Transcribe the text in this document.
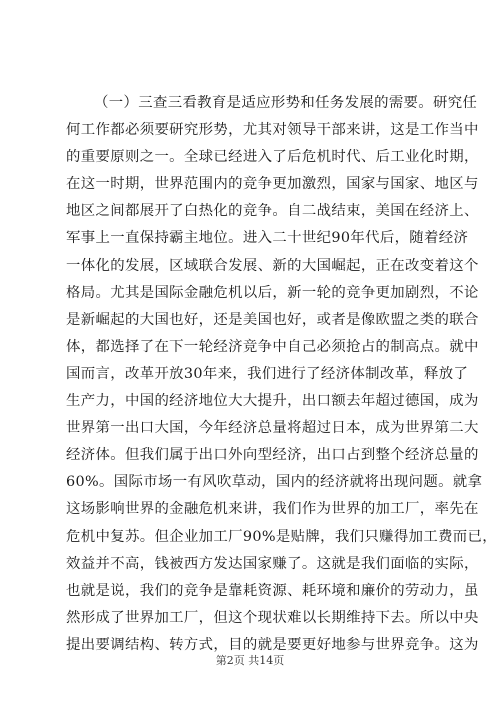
（一）三查三看教育是适应形势和任务发展的需要。研究任
何工作都必须要研究形势，尤其对领导干部来讲，这是工作当中
的重要原则之一。全球已经进入了后危机时代、后工业化时期，
在这一时期，世界范围内的竞争更加激烈，国家与国家、地区与
地区之间都展开了白热化的竞争。自二战结束，美国在经济上、
军事上一直保持霸主地位。进入二十世纪90年代后，随着经济
一体化的发展，区域联合发展、新的大国崛起，正在改变着这个
格局。尤其是国际金融危机以后，新一轮的竞争更加剧烈，不论
是新崛起的大国也好，还是美国也好，或者是像欧盟之类的联合
体，都选择了在下一轮经济竞争中自己必须抢占的制高点。就中
国而言，改革开放30年来，我们进行了经济体制改革，释放了
生产力，中国的经济地位大大提升，出口额去年超过德国，成为
世界第一出口大国，今年经济总量将超过日本，成为世界第二大
经济体。但我们属于出口外向型经济，出口占到整个经济总量的
60%。国际市场一有风吹草动，国内的经济就将出现问题。就拿
这场影响世界的金融危机来讲，我们作为世界的加工厂，率先在
危机中复苏。但企业加工厂90%是贴牌，我们只赚得加工费而已，
效益并不高，钱被西方发达国家赚了。这就是我们面临的实际，
也就是说，我们的竞争是靠耗资源、耗环境和廉价的劳动力，虽
然形成了世界加工厂，但这个现状难以长期维持下去。所以中央
提出要调结构、转方式，目的就是要更好地参与世界竞争。这为
第2页 共14页
